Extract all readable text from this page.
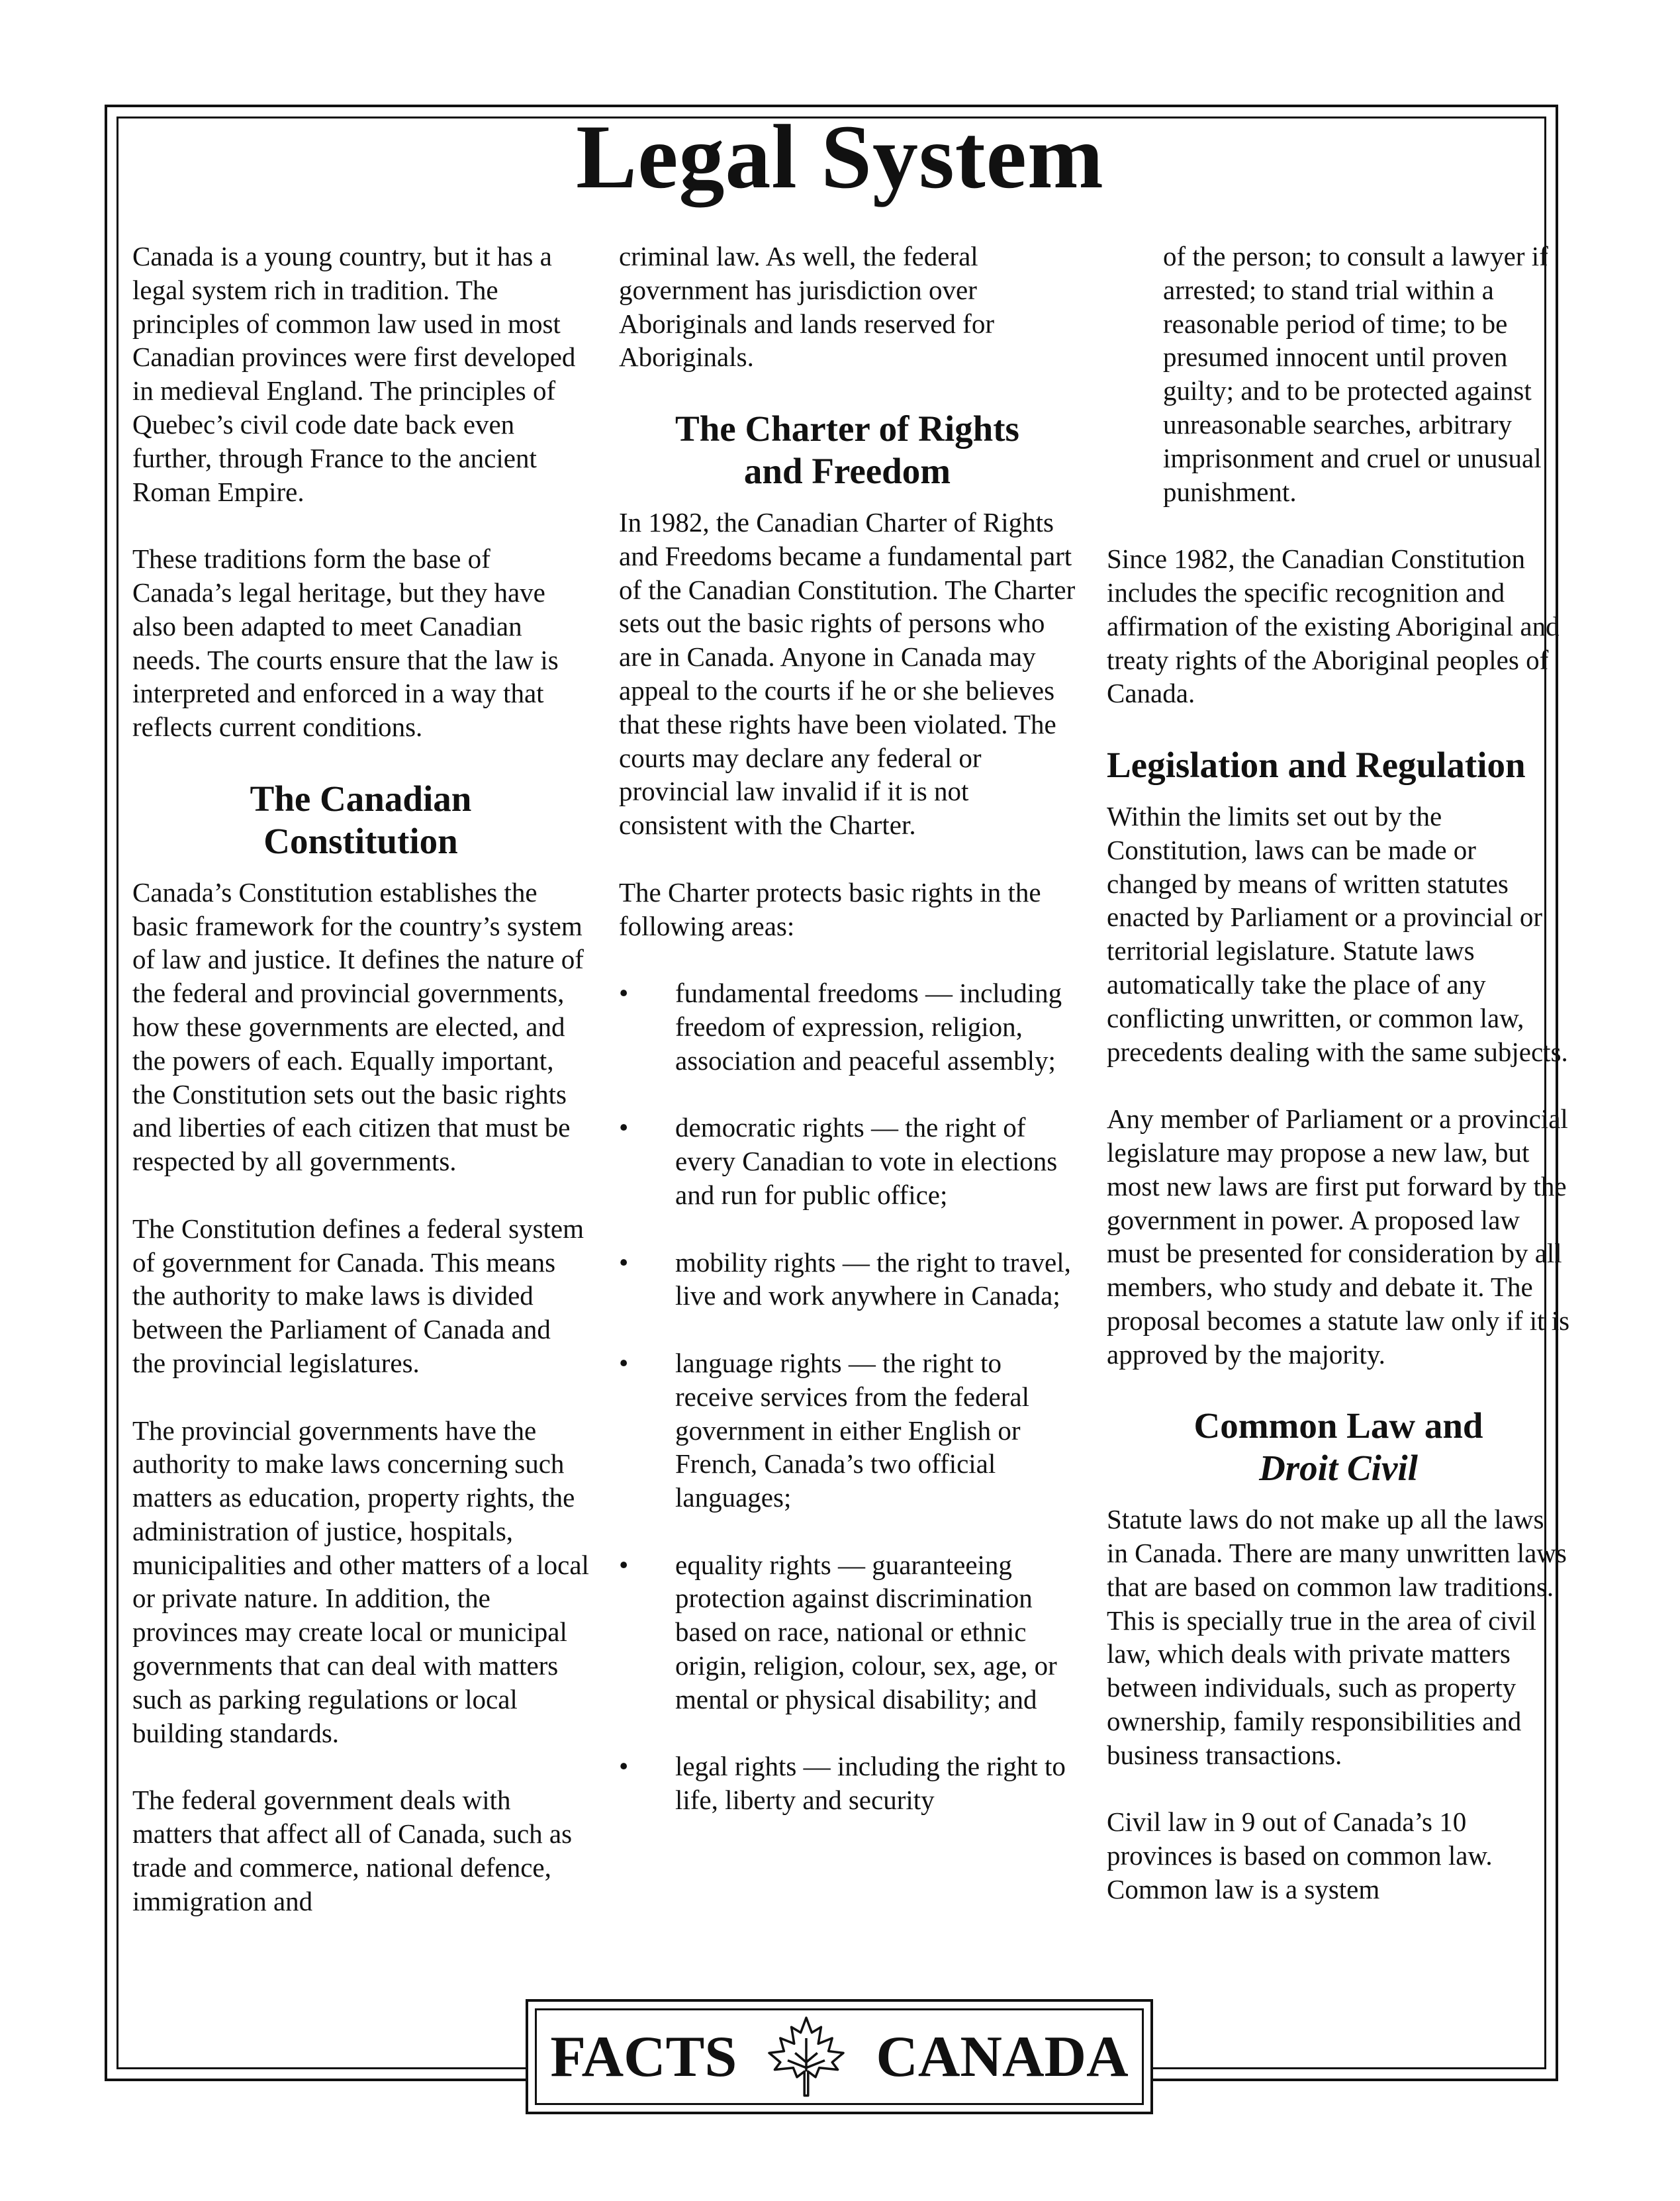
Legal System

Canada is a young country, but it has a legal system rich in tradition. The principles of common law used in most Canadian provinces were first developed in medieval England. The principles of Quebec’s civil code date back even further, through France to the ancient Roman Empire.

These traditions form the base of Canada’s legal heritage, but they have also been adapted to meet Canadian needs. The courts ensure that the law is interpreted and enforced in a way that reflects current conditions.

The Canadian Constitution

Canada’s Constitution establishes the basic framework for the country’s system of law and justice. It defines the nature of the federal and provincial governments, how these governments are elected, and the powers of each. Equally important, the Constitution sets out the basic rights and liberties of each citizen that must be respected by all governments.

The Constitution defines a federal system of government for Canada. This means the authority to make laws is divided between the Parliament of Canada and the provincial legislatures.

The provincial governments have the authority to make laws concerning such matters as education, property rights, the administration of justice, hospitals, municipalities and other matters of a local or private nature. In addition, the provinces may create local or municipal governments that can deal with matters such as parking regulations or local building standards.

The federal government deals with matters that affect all of Canada, such as trade and commerce, national defence, immigration and

criminal law. As well, the federal government has jurisdiction over Aboriginals and lands reserved for Aboriginals.

The Charter of Rights and Freedom

In 1982, the Canadian Charter of Rights and Freedoms became a fundamental part of the Canadian Constitution. The Charter sets out the basic rights of persons who are in Canada. Anyone in Canada may appeal to the courts if he or she believes that these rights have been violated. The courts may declare any federal or provincial law invalid if it is not consistent with the Charter.

The Charter protects basic rights in the following areas:

• fundamental freedoms — including freedom of expression, religion, association and peaceful assembly;
• democratic rights — the right of every Canadian to vote in elections and run for public office;
• mobility rights — the right to travel, live and work anywhere in Canada;
• language rights — the right to receive services from the federal government in either English or French, Canada’s two official languages;
• equality rights — guaranteeing protection against discrimination based on race, national or ethnic origin, religion, colour, sex, age, or mental or physical disability; and
• legal rights — including the right to life, liberty and security

of the person; to consult a lawyer if arrested; to stand trial within a reasonable period of time; to be presumed innocent until proven guilty; and to be protected against unreasonable searches, arbitrary imprisonment and cruel or unusual punishment.

Since 1982, the Canadian Constitution includes the specific recognition and affirmation of the existing Aboriginal and treaty rights of the Aboriginal peoples of Canada.

Legislation and Regulation

Within the limits set out by the Constitution, laws can be made or changed by means of written statutes enacted by Parliament or a provincial or territorial legislature. Statute laws automatically take the place of any conflicting unwritten, or common law, precedents dealing with the same subjects.

Any member of Parliament or a provincial legislature may propose a new law, but most new laws are first put forward by the government in power. A proposed law must be presented for consideration by all members, who study and debate it. The proposal becomes a statute law only if it is approved by the majority.

Common Law and
Droit Civil

Statute laws do not make up all the laws in Canada. There are many unwritten laws that are based on common law traditions. This is specially true in the area of civil law, which deals with private matters between individuals, such as property ownership, family responsibilities and business transactions.

Civil law in 9 out of Canada’s 10 provinces is based on common law. Common law is a system

FACTS CANADA
